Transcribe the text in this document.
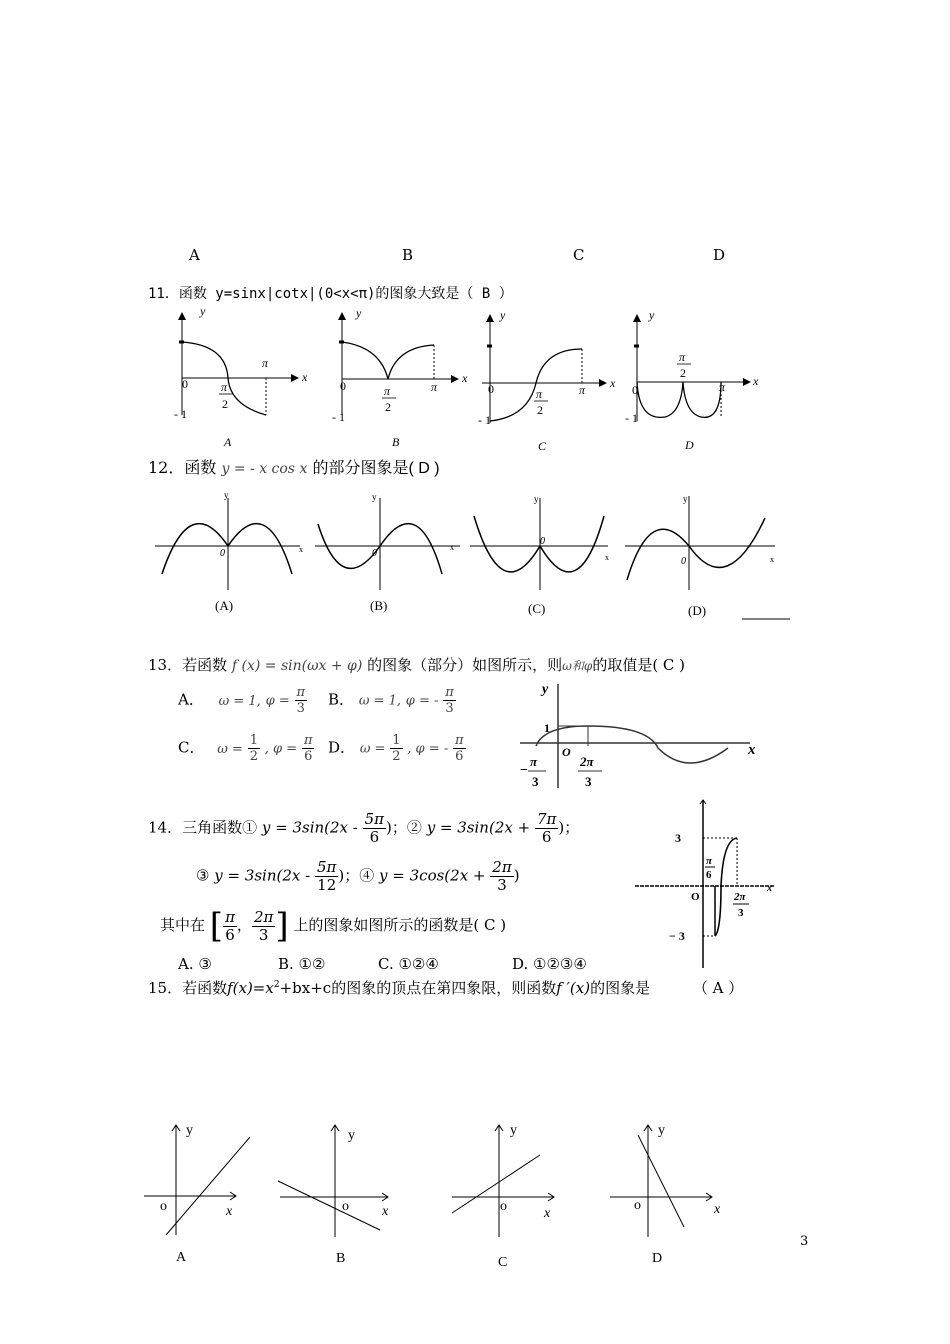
A	B	C	D
11．函数 y=sinx|cotx|(0<x<π)的图象大致是（ B ）
y
x
0
- 1
π
π
2
A
y
x
0
- 1
π
π
2
B
y
x
0
- 1
π
π
2
C
y
x
0
- 1
π
π
2
D
12．函数 y = - x cos x 的部分图象是( D )
y
x
0
(A)
y
x
0
(B)
y
x
0
(C)
y
x
0
(D)
13．若函数 f (x) = sin(ωx + φ) 的图象（部分）如图所示，则ω和φ的取值是( C )
A． ω = 1, $\varphi = \frac{\pi}{3}$ B． ω = 1, φ = - $\frac{\pi}{3}$
C． $\omega = \frac{1}{2}$ , $\varphi = \frac{\pi}{6}$ D． $\omega = \frac{1}{2}$ , φ = - $\frac{\pi}{6}$
y
x
1
O
−
π
3
2π
3
14．三角函数① $y = 3\sin(2x - \frac{5\pi}{6}$ )；② $y = 3\sin(2x + \frac{7\pi}{6}$ )；
③ $y = 3\sin(2x - \frac{5\pi}{12}$ )；④ $y = 3\cos(2x + \frac{2\pi}{3}$ )
其中在 [ $\frac{\pi}{6}$ ， $\frac{2\pi}{3}$ ] 上的图象如图所示的函数是( C )
A. ③	B. ①②	C. ①②④	D. ①②③④
3
− 3
O
x
π
6
2π
3
15．若函数$f(x)=x^2+bx+c$的图象的顶点在第四象限，则函数f ′(x)的图象是	（ A ）
y
x
o
A
y
x
o
B
y
x
o
C
y
x
o
D
3
